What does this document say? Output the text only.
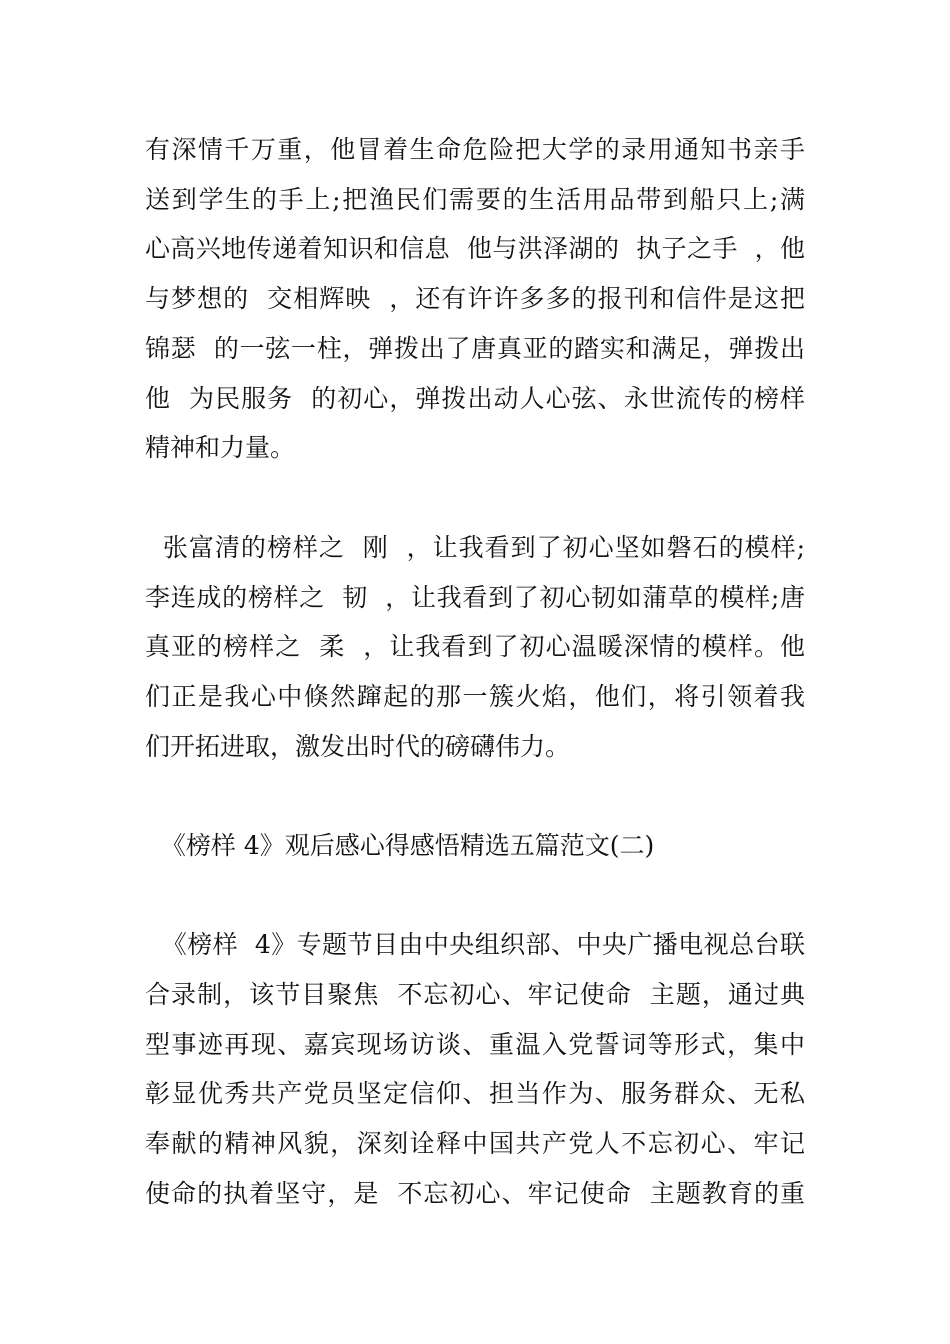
有深情千万重，他冒着生命危险把大学的录用通知书亲手

送到学生的手上;把渔民们需要的生活用品带到船只上;满

心高兴地传递着知识和信息  他与洪泽湖的  执子之手  ，他

与梦想的  交相辉映  ，还有许许多多的报刊和信件是这把

锦瑟  的一弦一柱，弹拨出了唐真亚的踏实和满足，弹拨出

他  为民服务  的初心，弹拨出动人心弦、永世流传的榜样

精神和力量。

张富清的榜样之  刚  ，让我看到了初心坚如磐石的模样;

李连成的榜样之  韧  ，让我看到了初心韧如蒲草的模样;唐

真亚的榜样之  柔  ，让我看到了初心温暖深情的模样。他

们正是我心中倏然蹿起的那一簇火焰，他们，将引领着我

们开拓进取，激发出时代的磅礴伟力。

《榜样 4》观后感心得感悟精选五篇范文(二)

《榜样  4》专题节目由中央组织部、中央广播电视总台联

合录制，该节目聚焦  不忘初心、牢记使命  主题，通过典

型事迹再现、嘉宾现场访谈、重温入党誓词等形式，集中

彰显优秀共产党员坚定信仰、担当作为、服务群众、无私

奉献的精神风貌，深刻诠释中国共产党人不忘初心、牢记

使命的执着坚守，是  不忘初心、牢记使命  主题教育的重
